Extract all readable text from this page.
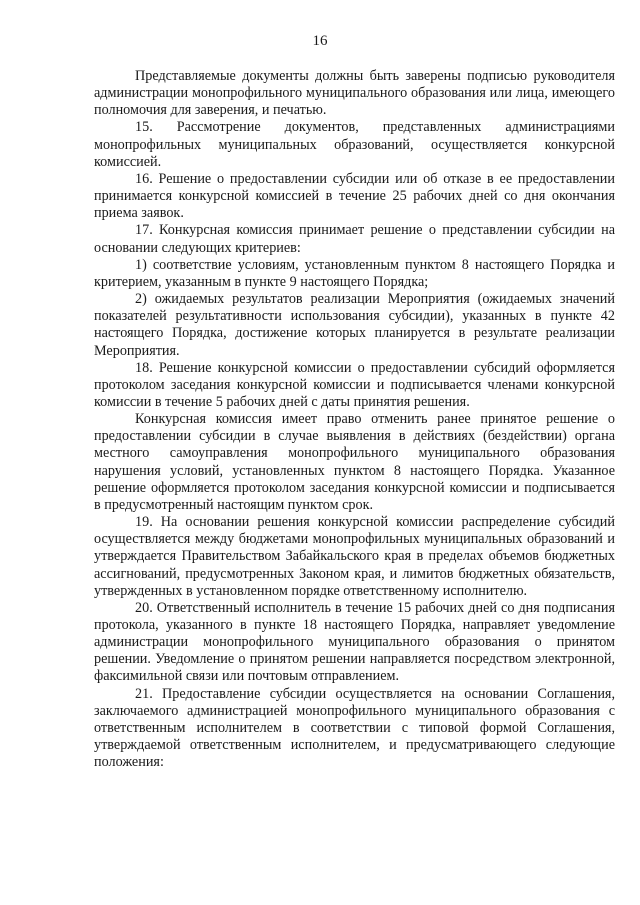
16

Представляемые документы должны быть заверены подписью руководителя администрации монопрофильного муниципального образования или лица, имеющего полномочия для заверения, и печатью.

15. Рассмотрение документов, представленных администрациями монопрофильных муниципальных образований, осуществляется конкурсной комиссией.

16. Решение о предоставлении субсидии или об отказе в ее предоставлении принимается конкурсной комиссией в течение 25 рабочих дней со дня окончания приема заявок.

17. Конкурсная комиссия принимает решение о представлении субсидии на основании следующих критериев:

1) соответствие условиям, установленным пунктом 8 настоящего Порядка и критерием, указанным в пункте 9 настоящего Порядка;

2) ожидаемых результатов реализации Мероприятия (ожидаемых значений показателей результативности использования субсидии), указанных в пункте 42 настоящего Порядка, достижение которых планируется в результате реализации Мероприятия.

18. Решение конкурсной комиссии о предоставлении субсидий оформляется протоколом заседания конкурсной комиссии и подписывается членами конкурсной комиссии в течение 5 рабочих дней с даты принятия решения.

Конкурсная комиссия имеет право отменить ранее принятое решение о предоставлении субсидии в случае выявления в действиях (бездействии) органа местного самоуправления монопрофильного муниципального образования нарушения условий, установленных пунктом 8 настоящего Порядка. Указанное решение оформляется протоколом заседания конкурсной комиссии и подписывается в предусмотренный настоящим пунктом срок.

19. На основании решения конкурсной комиссии распределение субсидий осуществляется между бюджетами монопрофильных муниципальных образований и утверждается Правительством Забайкальского края в пределах объемов бюджетных ассигнований, предусмотренных Законом края, и лимитов бюджетных обязательств, утвержденных в установленном порядке ответственному исполнителю.

20. Ответственный исполнитель в течение 15 рабочих дней со дня подписания протокола, указанного в пункте 18 настоящего Порядка, направляет уведомление администрации монопрофильного муниципального образования о принятом решении. Уведомление о принятом решении направляется посредством электронной, факсимильной связи или почтовым отправлением.

21. Предоставление субсидии осуществляется на основании Соглашения, заключаемого администрацией монопрофильного муниципального образования с ответственным исполнителем в соответствии с типовой формой Соглашения, утверждаемой ответственным исполнителем, и предусматривающего следующие положения:
